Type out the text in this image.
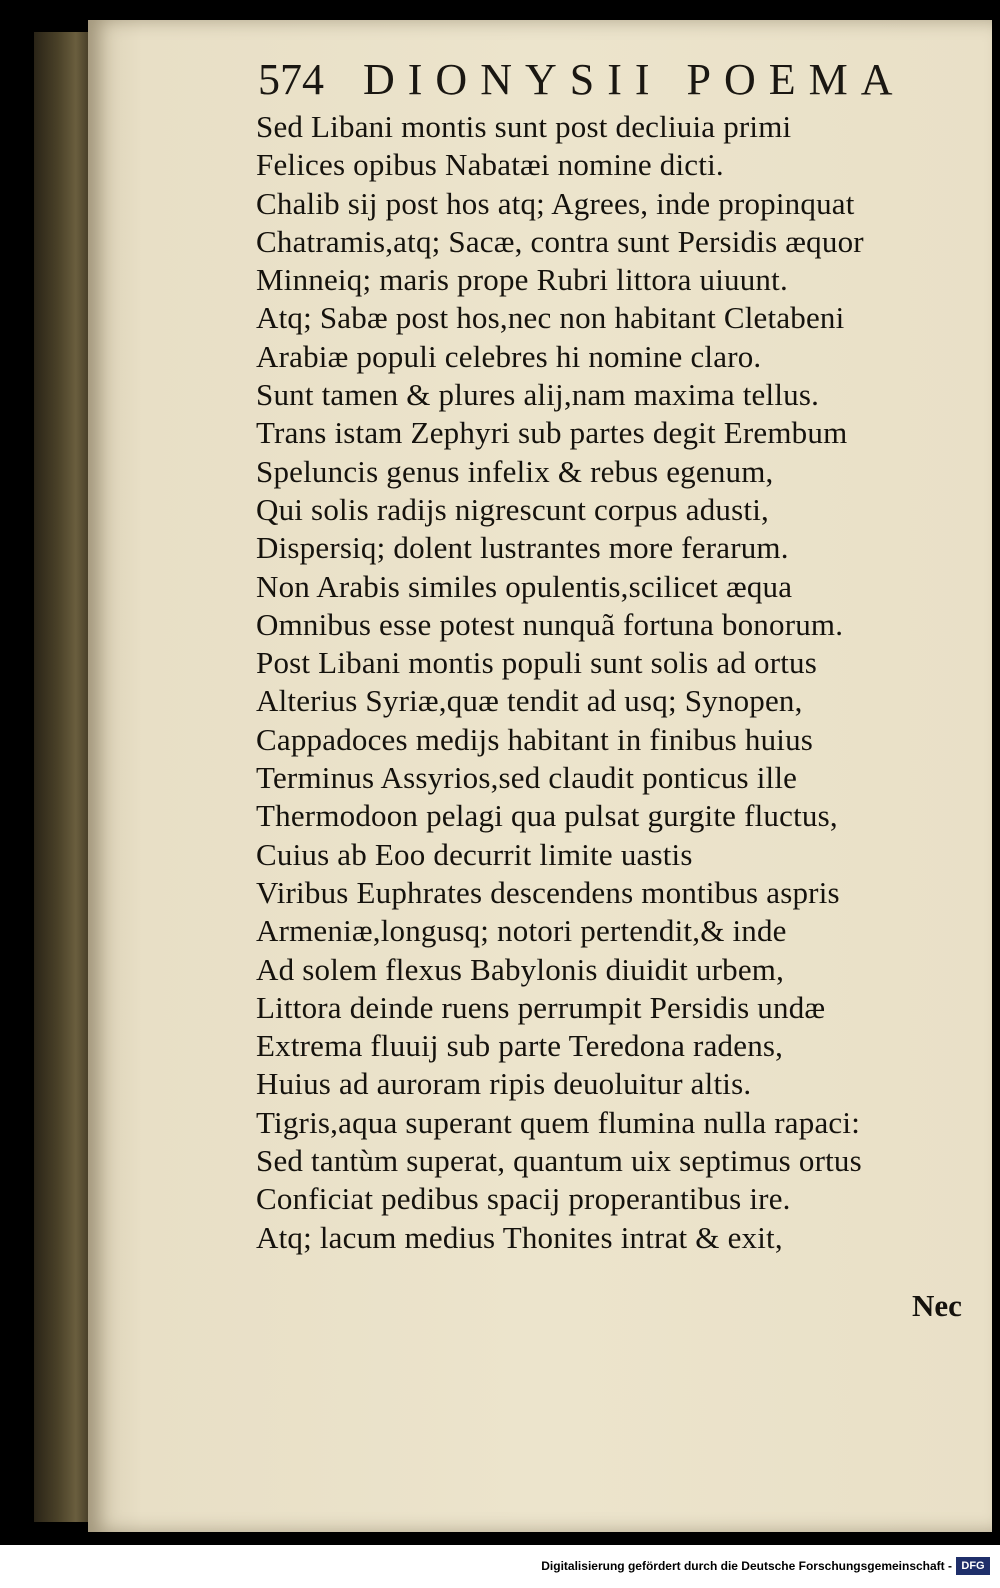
574 DIONYSII POEMA
Sed Libani montis sunt post decliuia primi
Felices opibus Nabatæi nomine dicti.
Chalib sij post hos atq; Agrees, inde propinquat
Chatramis,atq; Sacæ, contra sunt Persidis æquor
Minneiq; maris prope Rubri littora uiuunt.
Atq; Sabæ post hos,nec non habitant Cletabeni
Arabiæ populi celebres hi nomine claro.
Sunt tamen & plures alij,nam maxima tellus.
Trans istam Zephyri sub partes degit Erembum
Speluncis genus infelix & rebus egenum,
Qui solis radijs nigrescunt corpus adusti,
Dispersiq; dolent lustrantes more ferarum.
Non Arabis similes opulentis,scilicet æqua
Omnibus esse potest nunquã fortuna bonorum.
Post Libani montis populi sunt solis ad ortus
Alterius Syriæ,quæ tendit ad usq; Synopen,
Cappadoces medijs habitant in finibus huius
Terminus Assyrios,sed claudit ponticus ille
Thermodoon pelagi qua pulsat gurgite fluctus,
Cuius ab Eoo decurrit limite uastis
Viribus Euphrates descendens montibus aspris
Armeniæ,longusq; notori pertendit,& inde
Ad solem flexus Babylonis diuidit urbem,
Littora deinde ruens perrumpit Persidis undæ
Extrema fluuij sub parte Teredona radens,
Huius ad auroram ripis deuoluitur altis.
Tigris,aqua superant quem flumina nulla rapaci:
Sed tantùm superat, quantum uix septimus ortus
Conficiat pedibus spacij properantibus ire.
Atq; lacum medius Thonites intrat & exit,
Nec
Digitalisierung gefördert durch die Deutsche Forschungsgemeinschaft - DFG
